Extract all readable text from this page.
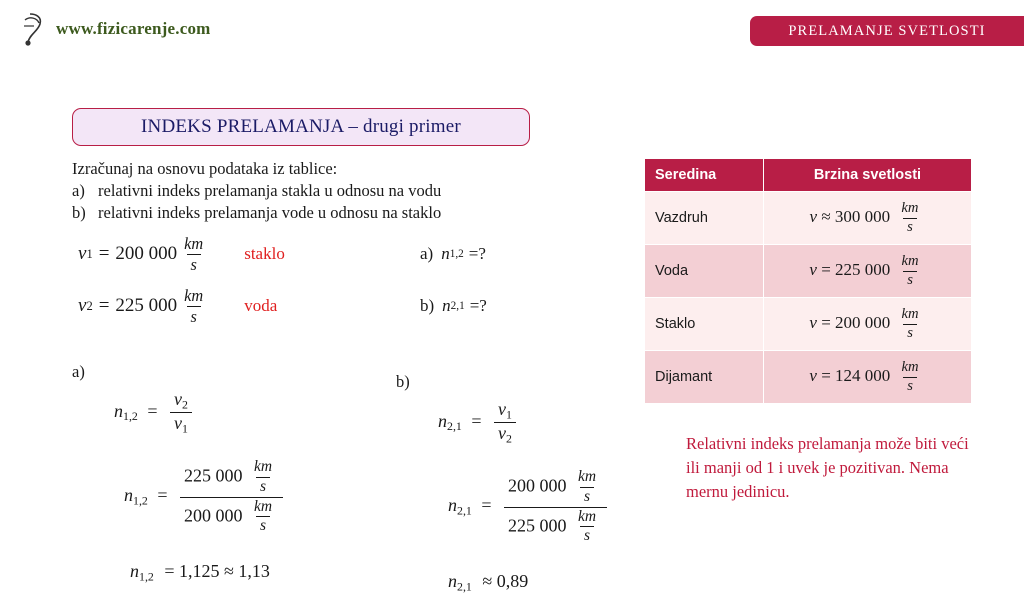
www.fizicarenje.com	PRELAMANJE SVETLOSTI
INDEKS PRELAMANJA – drugi primer
Izračunaj na osnovu podataka iz tablice:
a) relativni indeks prelamanja stakla u odnosu na vodu
b) relativni indeks prelamanja vode u odnosu na staklo
v 1 = 200 $000 \frac{km}{s}$ staklo
v 2 = 225 $000 \frac{km}{s}$ voda
a) n 1,2 =?
b) n 2,1 =?
a)
$n_{1,2} = \frac{v_2}{v_1}$
$n_{1,2} = \frac{225 000 \frac{km}{s}}{200 000 \frac{km}{s}}$
$n_{1,2} = 1,125 \approx 1,13$
b)
$n_{2,1} = \frac{v_1}{v_2}$
$n_{2,1} = \frac{200 000 \frac{km}{s}}{225 000 \frac{km}{s}}$
$n_{2,1} \approx 0,89$
Seredina	Brzina svetlosti
Vazdruh	v ≈ 300 $000 \frac{km}{s}$

Voda	v = 225 $000 \frac{km}{s}$

Staklo	v = 200 $000 \frac{km}{s}$

Dijamant	v = 124 $000 \frac{km}{s}$
Relativni indeks prelamanja može biti veći ili manji od 1 i uvek je pozitivan. Nema mernu jedinicu.
